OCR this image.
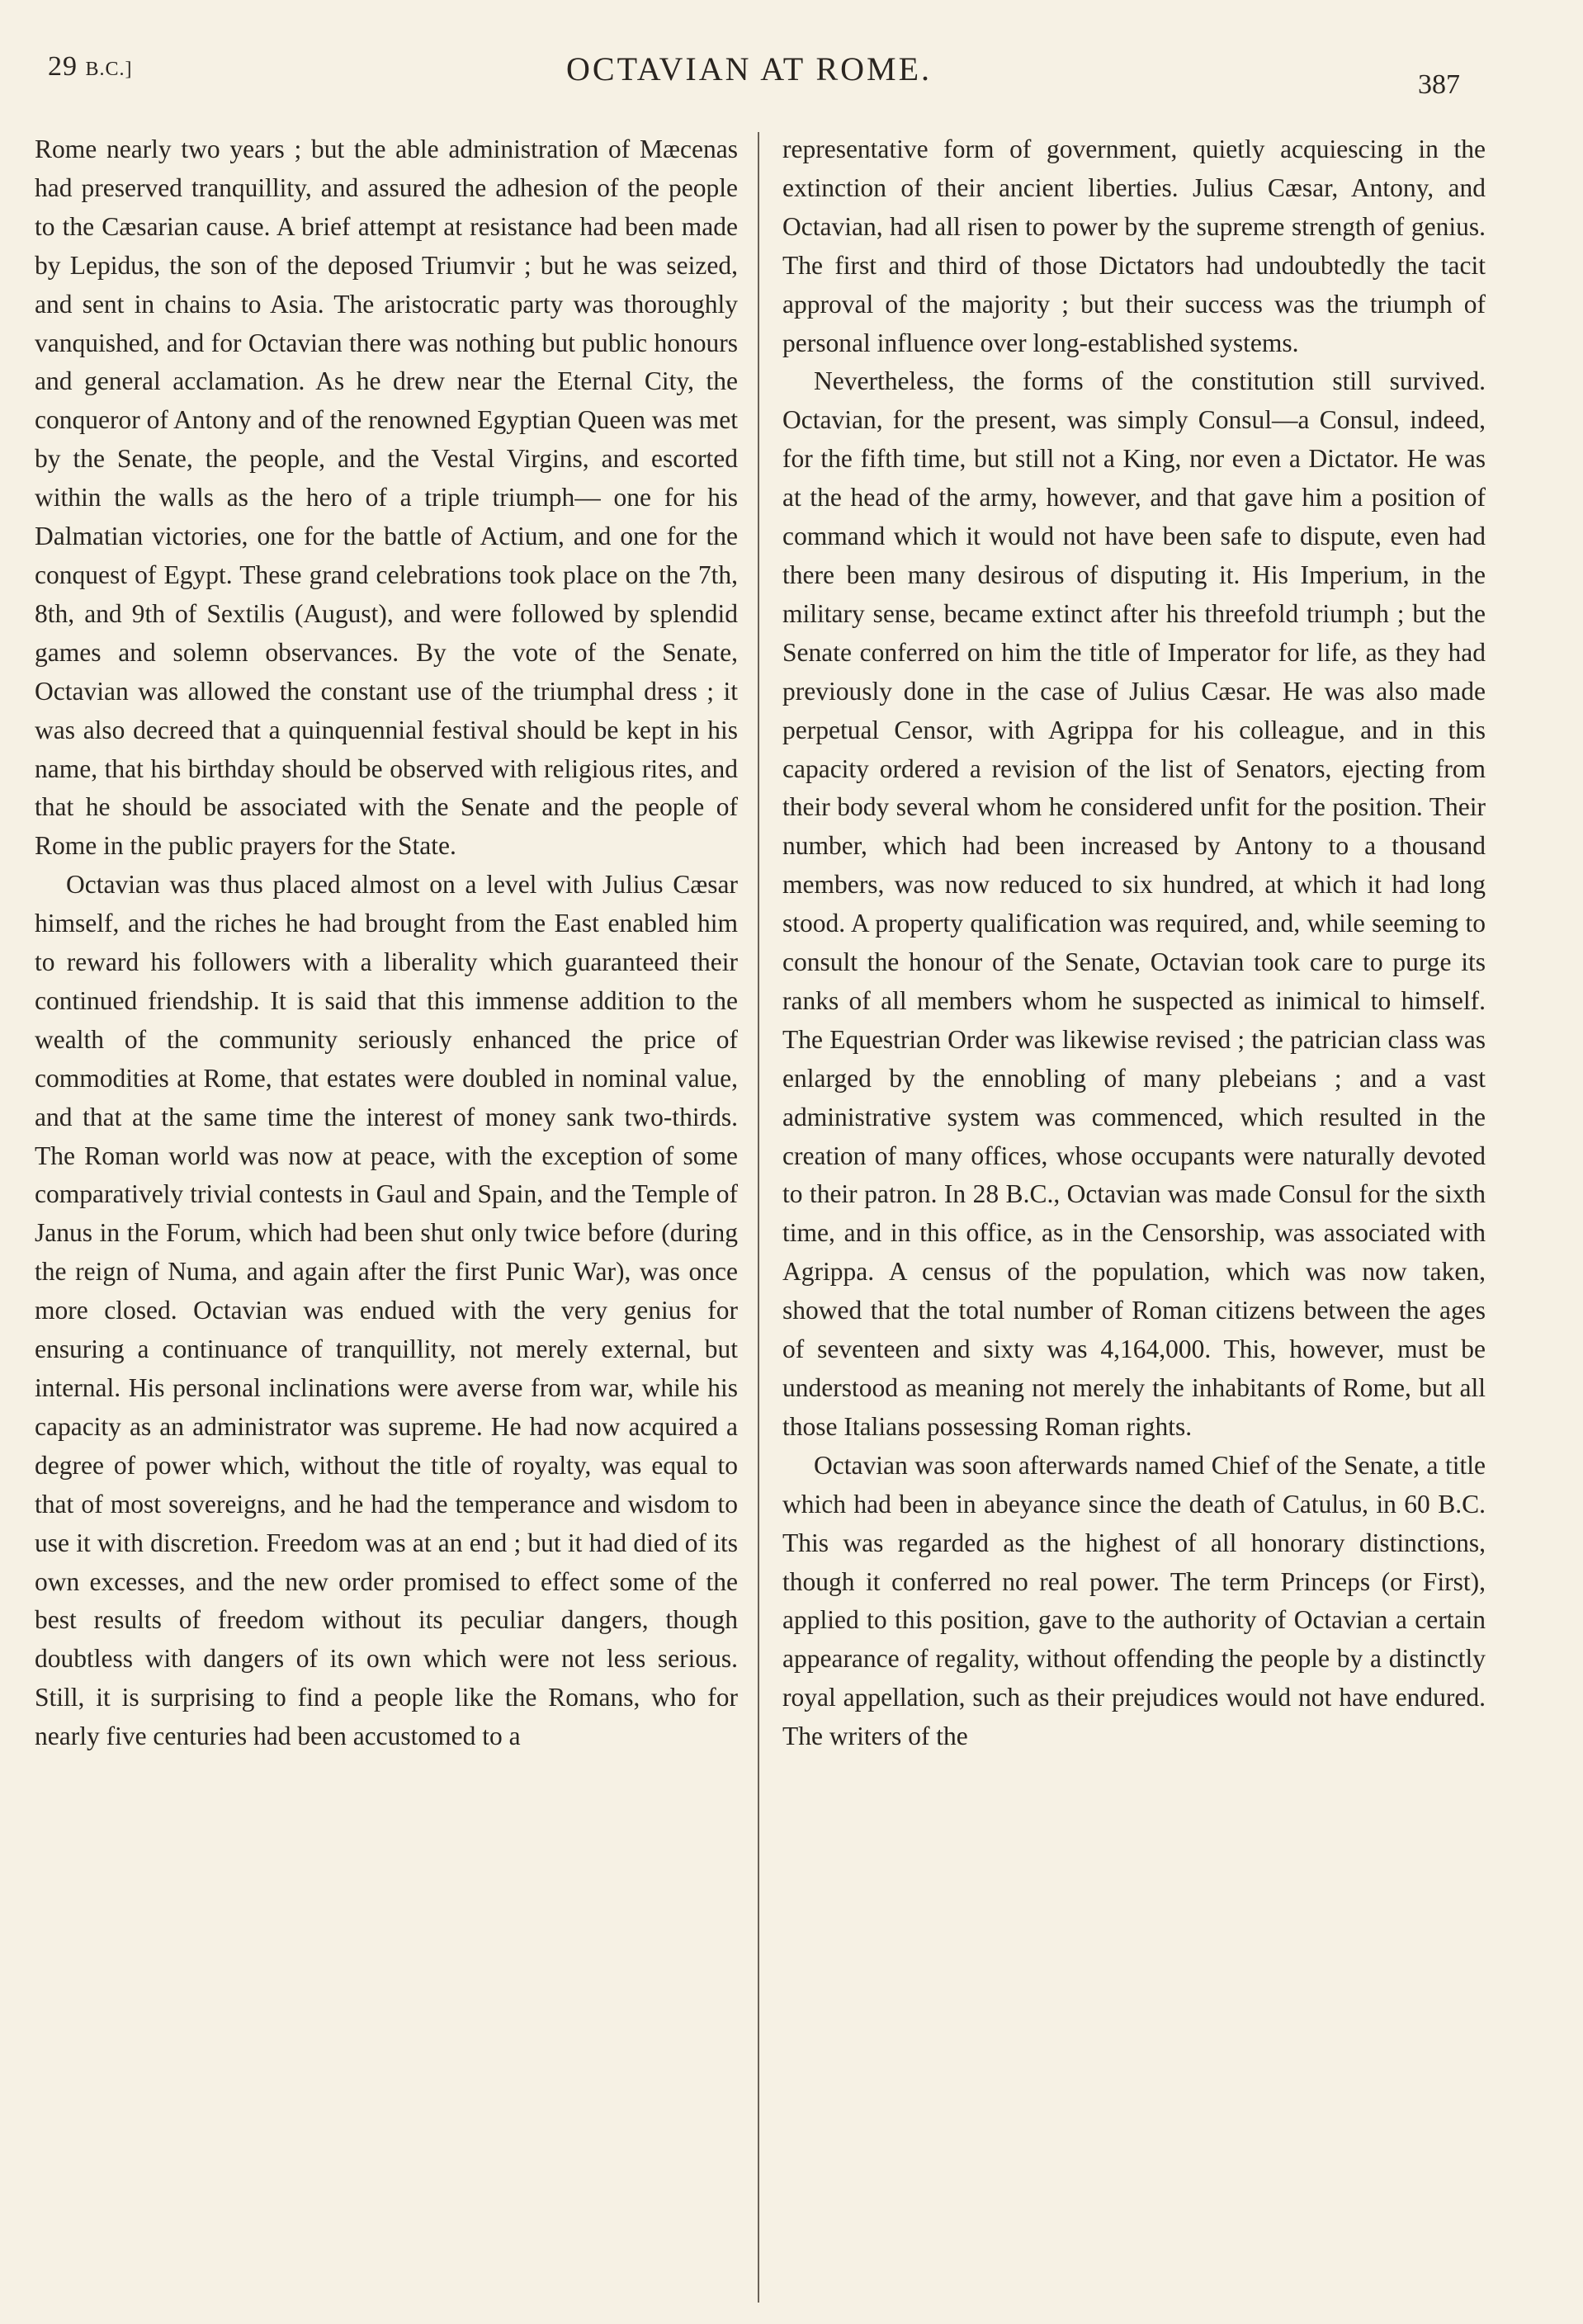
29 B.C.]	OCTAVIAN AT ROME.	387

Rome nearly two years ; but the able administration of Mæcenas had preserved tranquillity, and assured the adhesion of the people to the Cæsarian cause. A brief attempt at resistance had been made by Lepidus, the son of the deposed Triumvir ; but he was seized, and sent in chains to Asia. The aristocratic party was thoroughly vanquished, and for Octavian there was nothing but public honours and general acclamation. As he drew near the Eternal City, the conqueror of Antony and of the renowned Egyptian Queen was met by the Senate, the people, and the Vestal Virgins, and escorted within the walls as the hero of a triple triumph— one for his Dalmatian victories, one for the battle of Actium, and one for the conquest of Egypt. These grand celebrations took place on the 7th, 8th, and 9th of Sextilis (August), and were followed by splendid games and solemn observances. By the vote of the Senate, Octavian was allowed the constant use of the triumphal dress ; it was also decreed that a quinquennial festival should be kept in his name, that his birthday should be observed with religious rites, and that he should be associated with the Senate and the people of Rome in the public prayers for the State.

Octavian was thus placed almost on a level with Julius Cæsar himself, and the riches he had brought from the East enabled him to reward his followers with a liberality which guaranteed their continued friendship. It is said that this immense addition to the wealth of the community seriously enhanced the price of commodities at Rome, that estates were doubled in nominal value, and that at the same time the interest of money sank two-thirds. The Roman world was now at peace, with the exception of some comparatively trivial contests in Gaul and Spain, and the Temple of Janus in the Forum, which had been shut only twice before (during the reign of Numa, and again after the first Punic War), was once more closed. Octavian was endued with the very genius for ensuring a continuance of tranquillity, not merely external, but internal. His personal inclinations were averse from war, while his capacity as an administrator was supreme. He had now acquired a degree of power which, without the title of royalty, was equal to that of most sovereigns, and he had the temperance and wisdom to use it with discretion. Freedom was at an end ; but it had died of its own excesses, and the new order promised to effect some of the best results of freedom without its peculiar dangers, though doubtless with dangers of its own which were not less serious. Still, it is surprising to find a people like the Romans, who for nearly five centuries had been accustomed to a

representative form of government, quietly acquiescing in the extinction of their ancient liberties. Julius Cæsar, Antony, and Octavian, had all risen to power by the supreme strength of genius. The first and third of those Dictators had undoubtedly the tacit approval of the majority ; but their success was the triumph of personal influence over long-established systems.

Nevertheless, the forms of the constitution still survived. Octavian, for the present, was simply Consul—a Consul, indeed, for the fifth time, but still not a King, nor even a Dictator. He was at the head of the army, however, and that gave him a position of command which it would not have been safe to dispute, even had there been many desirous of disputing it. His Imperium, in the military sense, became extinct after his threefold triumph ; but the Senate conferred on him the title of Imperator for life, as they had previously done in the case of Julius Cæsar. He was also made perpetual Censor, with Agrippa for his colleague, and in this capacity ordered a revision of the list of Senators, ejecting from their body several whom he considered unfit for the position. Their number, which had been increased by Antony to a thousand members, was now reduced to six hundred, at which it had long stood. A property qualification was required, and, while seeming to consult the honour of the Senate, Octavian took care to purge its ranks of all members whom he suspected as inimical to himself. The Equestrian Order was likewise revised ; the patrician class was enlarged by the ennobling of many plebeians ; and a vast administrative system was commenced, which resulted in the creation of many offices, whose occupants were naturally devoted to their patron. In 28 B.C., Octavian was made Consul for the sixth time, and in this office, as in the Censorship, was associated with Agrippa. A census of the population, which was now taken, showed that the total number of Roman citizens between the ages of seventeen and sixty was 4,164,000. This, however, must be understood as meaning not merely the inhabitants of Rome, but all those Italians possessing Roman rights.

Octavian was soon afterwards named Chief of the Senate, a title which had been in abeyance since the death of Catulus, in 60 B.C. This was regarded as the highest of all honorary distinctions, though it conferred no real power. The term Princeps (or First), applied to this position, gave to the authority of Octavian a certain appearance of regality, without offending the people by a distinctly royal appellation, such as their prejudices would not have endured. The writers of the
